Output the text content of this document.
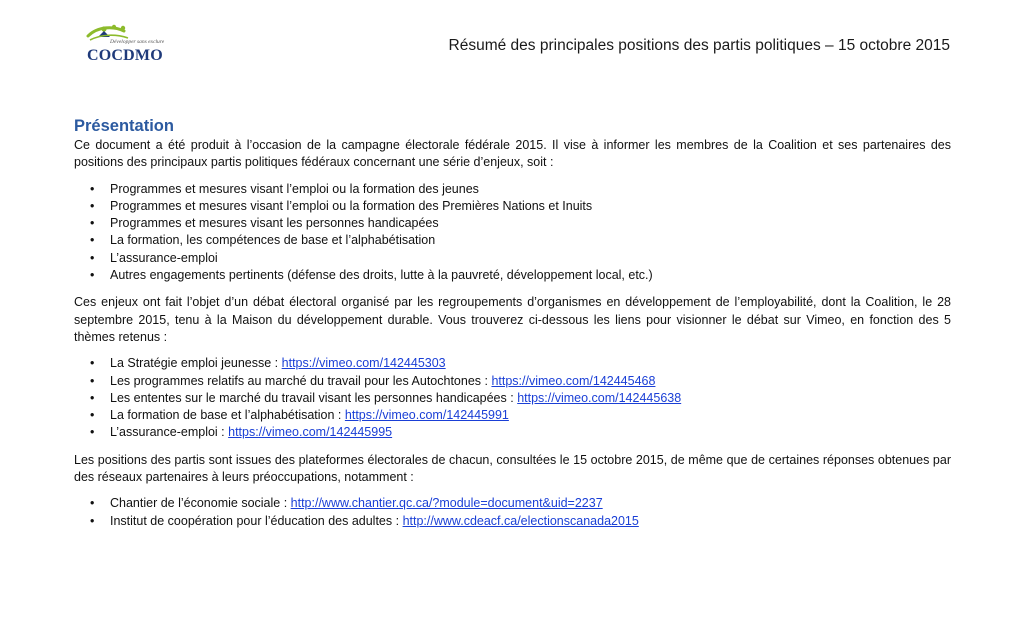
Développer sans exclure
COCDMO
Résumé des principales positions des partis politiques – 15 octobre 2015
Présentation

Ce document a été produit à l’occasion de la campagne électorale fédérale 2015. Il vise à informer les membres de la Coalition et ses partenaires des positions des principaux partis politiques fédéraux concernant une série d’enjeux, soit :

• Programmes et mesures visant l’emploi ou la formation des jeunes
• Programmes et mesures visant l’emploi ou la formation des Premières Nations et Inuits
• Programmes et mesures visant les personnes handicapées
• La formation, les compétences de base et l’alphabétisation
• L’assurance-emploi
• Autres engagements pertinents (défense des droits, lutte à la pauvreté, développement local, etc.)

Ces enjeux ont fait l’objet d’un débat électoral organisé par les regroupements d’organismes en développement de l’employabilité, dont la Coalition, le 28 septembre 2015, tenu à la Maison du développement durable. Vous trouverez ci-dessous les liens pour visionner le débat sur Vimeo, en fonction des 5 thèmes retenus :

• La Stratégie emploi jeunesse : https://vimeo.com/142445303
• Les programmes relatifs au marché du travail pour les Autochtones : https://vimeo.com/142445468
• Les ententes sur le marché du travail visant les personnes handicapées : https://vimeo.com/142445638
• La formation de base et l’alphabétisation : https://vimeo.com/142445991
• L’assurance-emploi : https://vimeo.com/142445995

Les positions des partis sont issues des plateformes électorales de chacun, consultées le 15 octobre 2015, de même que de certaines réponses obtenues par des réseaux partenaires à leurs préoccupations, notamment :

• Chantier de l’économie sociale : http://www.chantier.qc.ca/?module=document&uid=2237
• Institut de coopération pour l’éducation des adultes : http://www.cdeacf.ca/electionscanada2015
